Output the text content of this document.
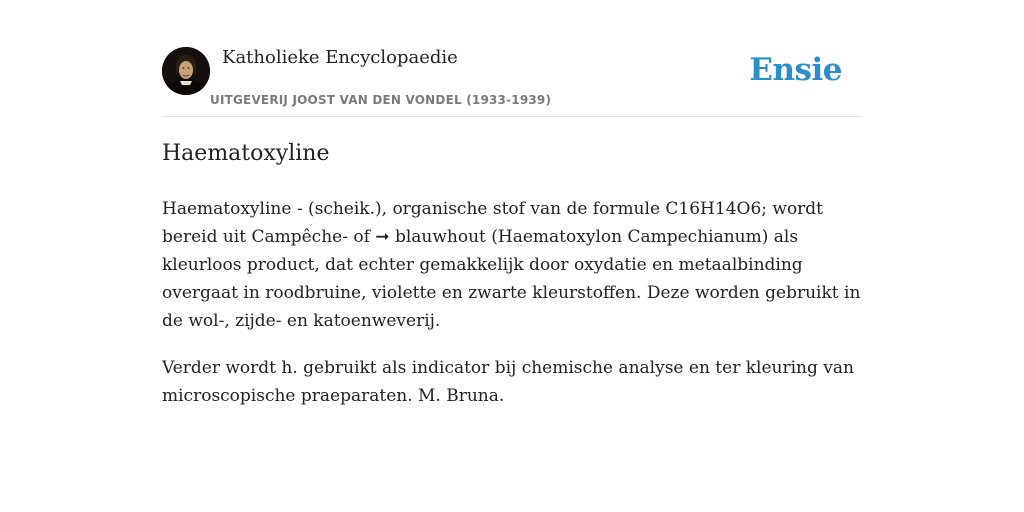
Katholieke Encyclopaedie
UITGEVERIJ JOOST VAN DEN VONDEL (1933-1939)
Ensie
Haematoxyline

Haematoxyline - (scheik.), organische stof van de formule C16H14O6; wordt bereid uit Campêche- of ➞ blauwhout (Haematoxylon Campechianum) als kleurloos product, dat echter gemakkelijk door oxydatie en metaalbinding overgaat in roodbruine, violette en zwarte kleurstoffen. Deze worden gebruikt in de wol-, zijde- en katoenweverij.

Verder wordt h. gebruikt als indicator bij chemische analyse en ter kleuring van microscopische praeparaten. M. Bruna.
